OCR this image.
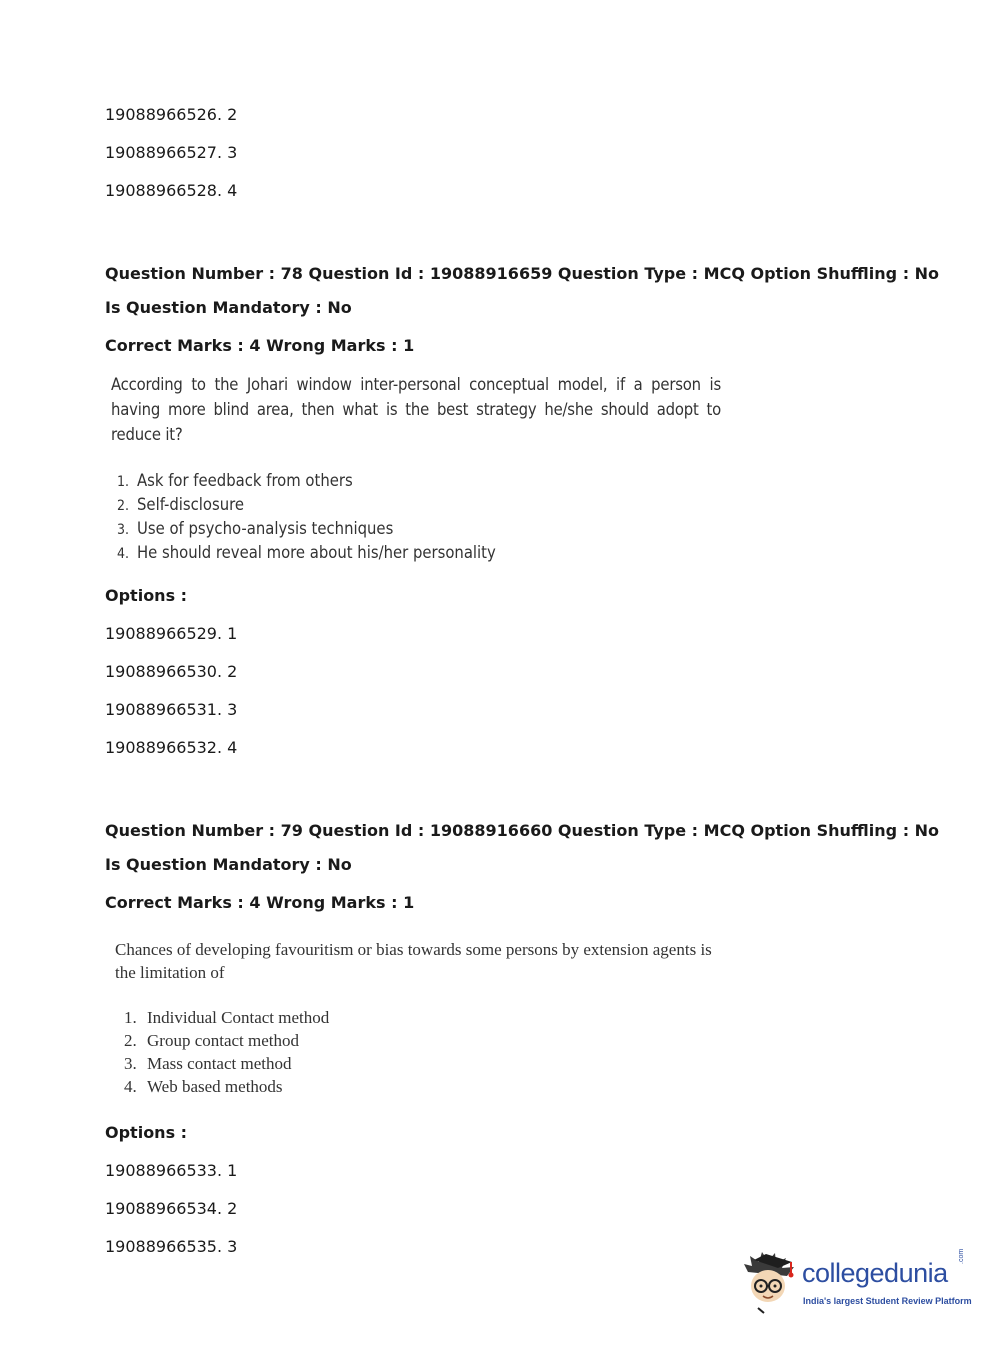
19088966526. 2
19088966527. 3
19088966528. 4
Question Number : 78 Question Id : 19088916659 Question Type : MCQ Option Shuffling : No
Is Question Mandatory : No
Correct Marks : 4 Wrong Marks : 1
According to the Johari window inter-personal conceptual model, if a person is having more blind area, then what is the best strategy he/she should adopt to reduce it?
1. Ask for feedback from others
2. Self-disclosure
3. Use of psycho-analysis techniques
4. He should reveal more about his/her personality
Options :
19088966529. 1
19088966530. 2
19088966531. 3
19088966532. 4
Question Number : 79 Question Id : 19088916660 Question Type : MCQ Option Shuffling : No
Is Question Mandatory : No
Correct Marks : 4 Wrong Marks : 1
Chances of developing favouritism or bias towards some persons by extension agents is the limitation of
1. Individual Contact method
2. Group contact method
3. Mass contact method
4. Web based methods
Options :
19088966533. 1
19088966534. 2
19088966535. 3
collegedunia
.com
India's largest Student Review Platform
